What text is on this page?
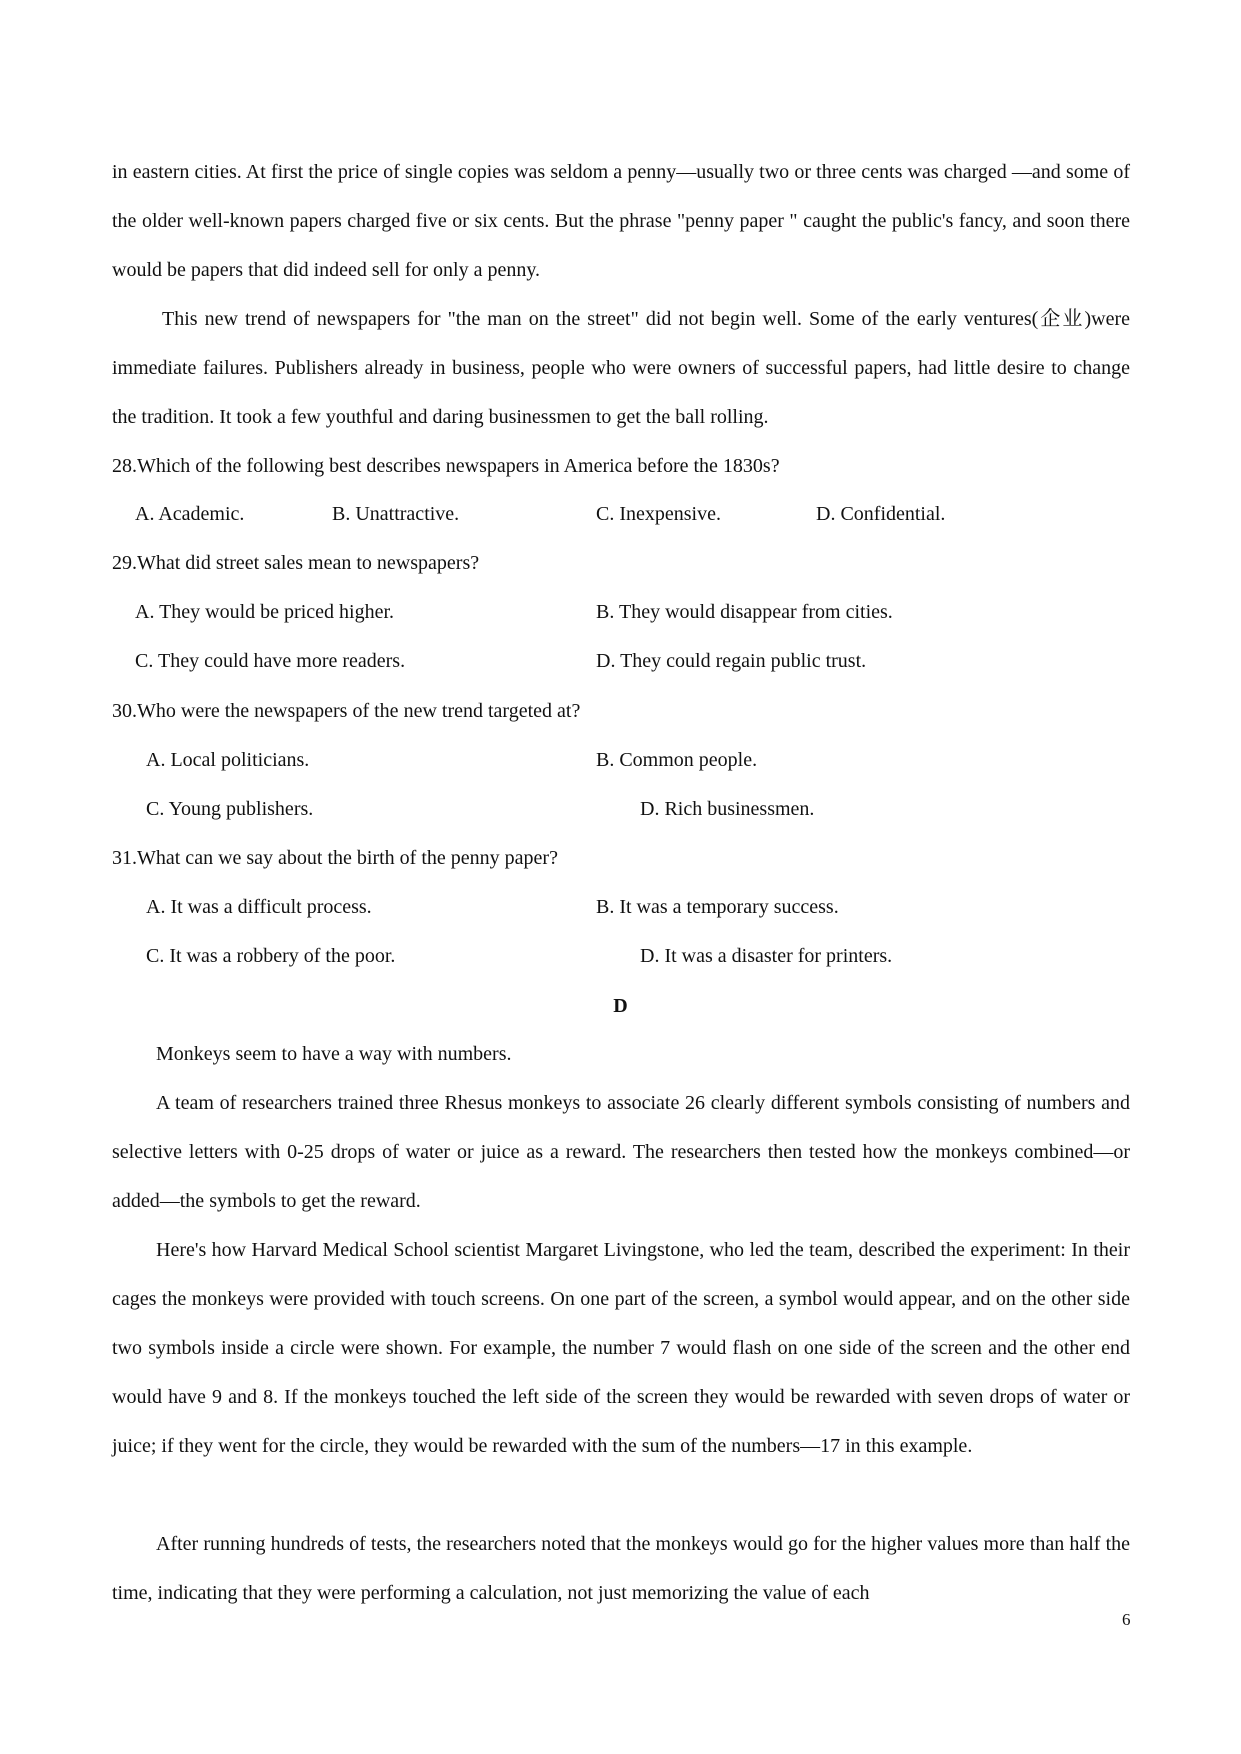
in eastern cities. At first the price of single copies was seldom a penny—usually two or three cents was charged —and some of the older well-known papers charged five or six cents. But the phrase "penny paper " caught the public's fancy, and soon there would be papers that did indeed sell for only a penny.

This new trend of newspapers for "the man on the street" did not begin well. Some of the early ventures(企业)were immediate failures. Publishers already in business, people who were owners of successful papers, had little desire to change the tradition. It took a few youthful and daring businessmen to get the ball rolling.

28.Which of the following best describes newspapers in America before the 1830s?

A. Academic.	B. Unattractive.	C. Inexpensive.	D. Confidential.

29.What did street sales mean to newspapers?

A. They would be priced higher.	B. They would disappear from cities.

C. They could have more readers.	D. They could regain public trust.

30.Who were the newspapers of the new trend targeted at?

A. Local politicians.	B. Common people.

C. Young publishers.	D. Rich businessmen.

31.What can we say about the birth of the penny paper?

A. It was a difficult process.	B. It was a temporary success.

C. It was a robbery of the poor.	D. It was a disaster for printers.

D

Monkeys seem to have a way with numbers.

A team of researchers trained three Rhesus monkeys to associate 26 clearly different symbols consisting of numbers and selective letters with 0-25 drops of water or juice as a reward. The researchers then tested how the monkeys combined—or added—the symbols to get the reward.

Here's how Harvard Medical School scientist Margaret Livingstone, who led the team, described the experiment: In their cages the monkeys were provided with touch screens. On one part of the screen, a symbol would appear, and on the other side two symbols inside a circle were shown. For example, the number 7 would flash on one side of the screen and the other end would have 9 and 8. If the monkeys touched the left side of the screen they would be rewarded with seven drops of water or juice; if they went for the circle, they would be rewarded with the sum of the numbers—17 in this example.

After running hundreds of tests, the researchers noted that the monkeys would go for the higher values more than half the time, indicating that they were performing a calculation, not just memorizing the value of each

6
